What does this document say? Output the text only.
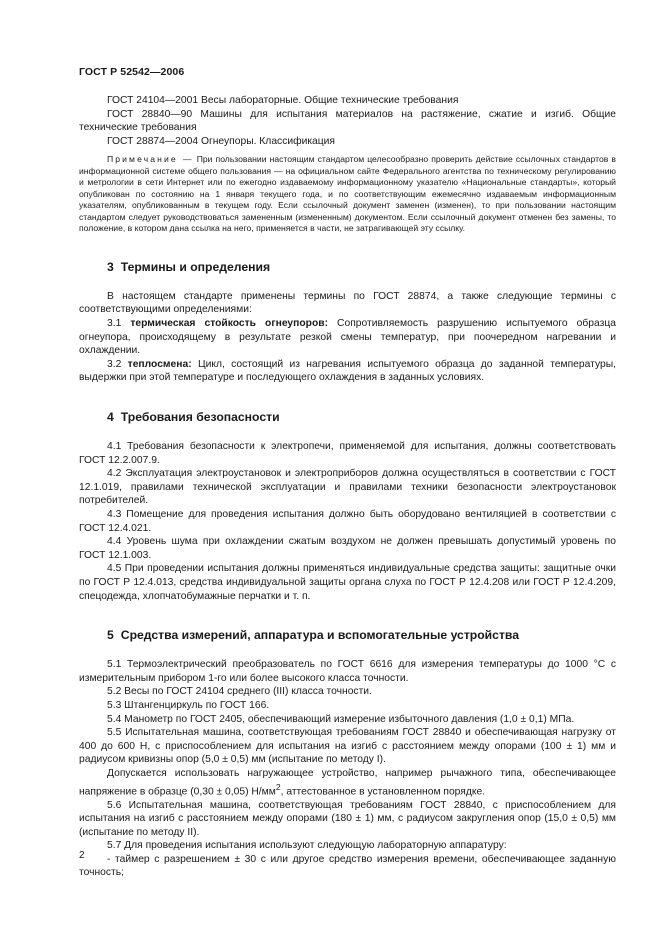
ГОСТ Р 52542—2006

ГОСТ 24104—2001 Весы лабораторные. Общие технические требования

ГОСТ 28840—90 Машины для испытания материалов на растяжение, сжатие и изгиб. Общие технические требования

ГОСТ 28874—2004 Огнеупоры. Классификация

Примечание — При пользовании настоящим стандартом целесообразно проверить действие ссылочных стандартов в информационной системе общего пользования — на официальном сайте Федерального агентства по техническому регулированию и метрологии в сети Интернет или по ежегодно издаваемому информационному указателю «Национальные стандарты», который опубликован по состоянию на 1 января текущего года, и по соответствующим ежемесячно издаваемым информационным указателям, опубликованным в текущем году. Если ссылочный документ заменен (изменен), то при пользовании настоящим стандартом следует руководствоваться замененным (измененным) документом. Если ссылочный документ отменен без замены, то положение, в котором дана ссылка на него, применяется в части, не затрагивающей эту ссылку.

3 Термины и определения

В настоящем стандарте применены термины по ГОСТ 28874, а также следующие термины с соответствующими определениями:

3.1 термическая стойкость огнеупоров: Сопротивляемость разрушению испытуемого образца огнеупора, происходящему в результате резкой смены температур, при поочередном нагревании и охлаждении.

3.2 теплосмена: Цикл, состоящий из нагревания испытуемого образца до заданной температуры, выдержки при этой температуре и последующего охлаждения в заданных условиях.

4 Требования безопасности

4.1 Требования безопасности к электропечи, применяемой для испытания, должны соответствовать ГОСТ 12.2.007.9.

4.2 Эксплуатация электроустановок и электроприборов должна осуществляться в соответствии с ГОСТ 12.1.019, правилами технической эксплуатации и правилами техники безопасности электроустановок потребителей.

4.3 Помещение для проведения испытания должно быть оборудовано вентиляцией в соответствии с ГОСТ 12.4.021.

4.4 Уровень шума при охлаждении сжатым воздухом не должен превышать допустимый уровень по ГОСТ 12.1.003.

4.5 При проведении испытания должны применяться индивидуальные средства защиты: защитные очки по ГОСТ Р 12.4.013, средства индивидуальной защиты органа слуха по ГОСТ Р 12.4.208 или ГОСТ Р 12.4.209, спецодежда, хлопчатобумажные перчатки и т. п.

5 Средства измерений, аппаратура и вспомогательные устройства

5.1 Термоэлектрический преобразователь по ГОСТ 6616 для измерения температуры до 1000 °С с измерительным прибором 1-го или более высокого класса точности.

5.2 Весы по ГОСТ 24104 среднего (III) класса точности.

5.3 Штангенциркуль по ГОСТ 166.

5.4 Манометр по ГОСТ 2405, обеспечивающий измерение избыточного давления (1,0 ± 0,1) МПа.

5.5 Испытательная машина, соответствующая требованиям ГОСТ 28840 и обеспечивающая нагрузку от 400 до 600 Н, с приспособлением для испытания на изгиб с расстоянием между опорами (100 ± 1) мм и радиусом кривизны опор (5,0 ± 0,5) мм (испытание по методу I).

Допускается использовать нагружающее устройство, например рычажного типа, обеспечивающее напряжение в образце (0,30 ± 0,05) $Н/мм^2$, аттестованное в установленном порядке.

5.6 Испытательная машина, соответствующая требованиям ГОСТ 28840, с приспособлением для испытания на изгиб с расстоянием между опорами (180 ± 1) мм, с радиусом закругления опор (15,0 ± 0,5) мм (испытание по методу II).

5.7 Для проведения испытания используют следующую лабораторную аппаратуру:

- таймер с разрешением ± 30 с или другое средство измерения времени, обеспечивающее заданную точность;

2
